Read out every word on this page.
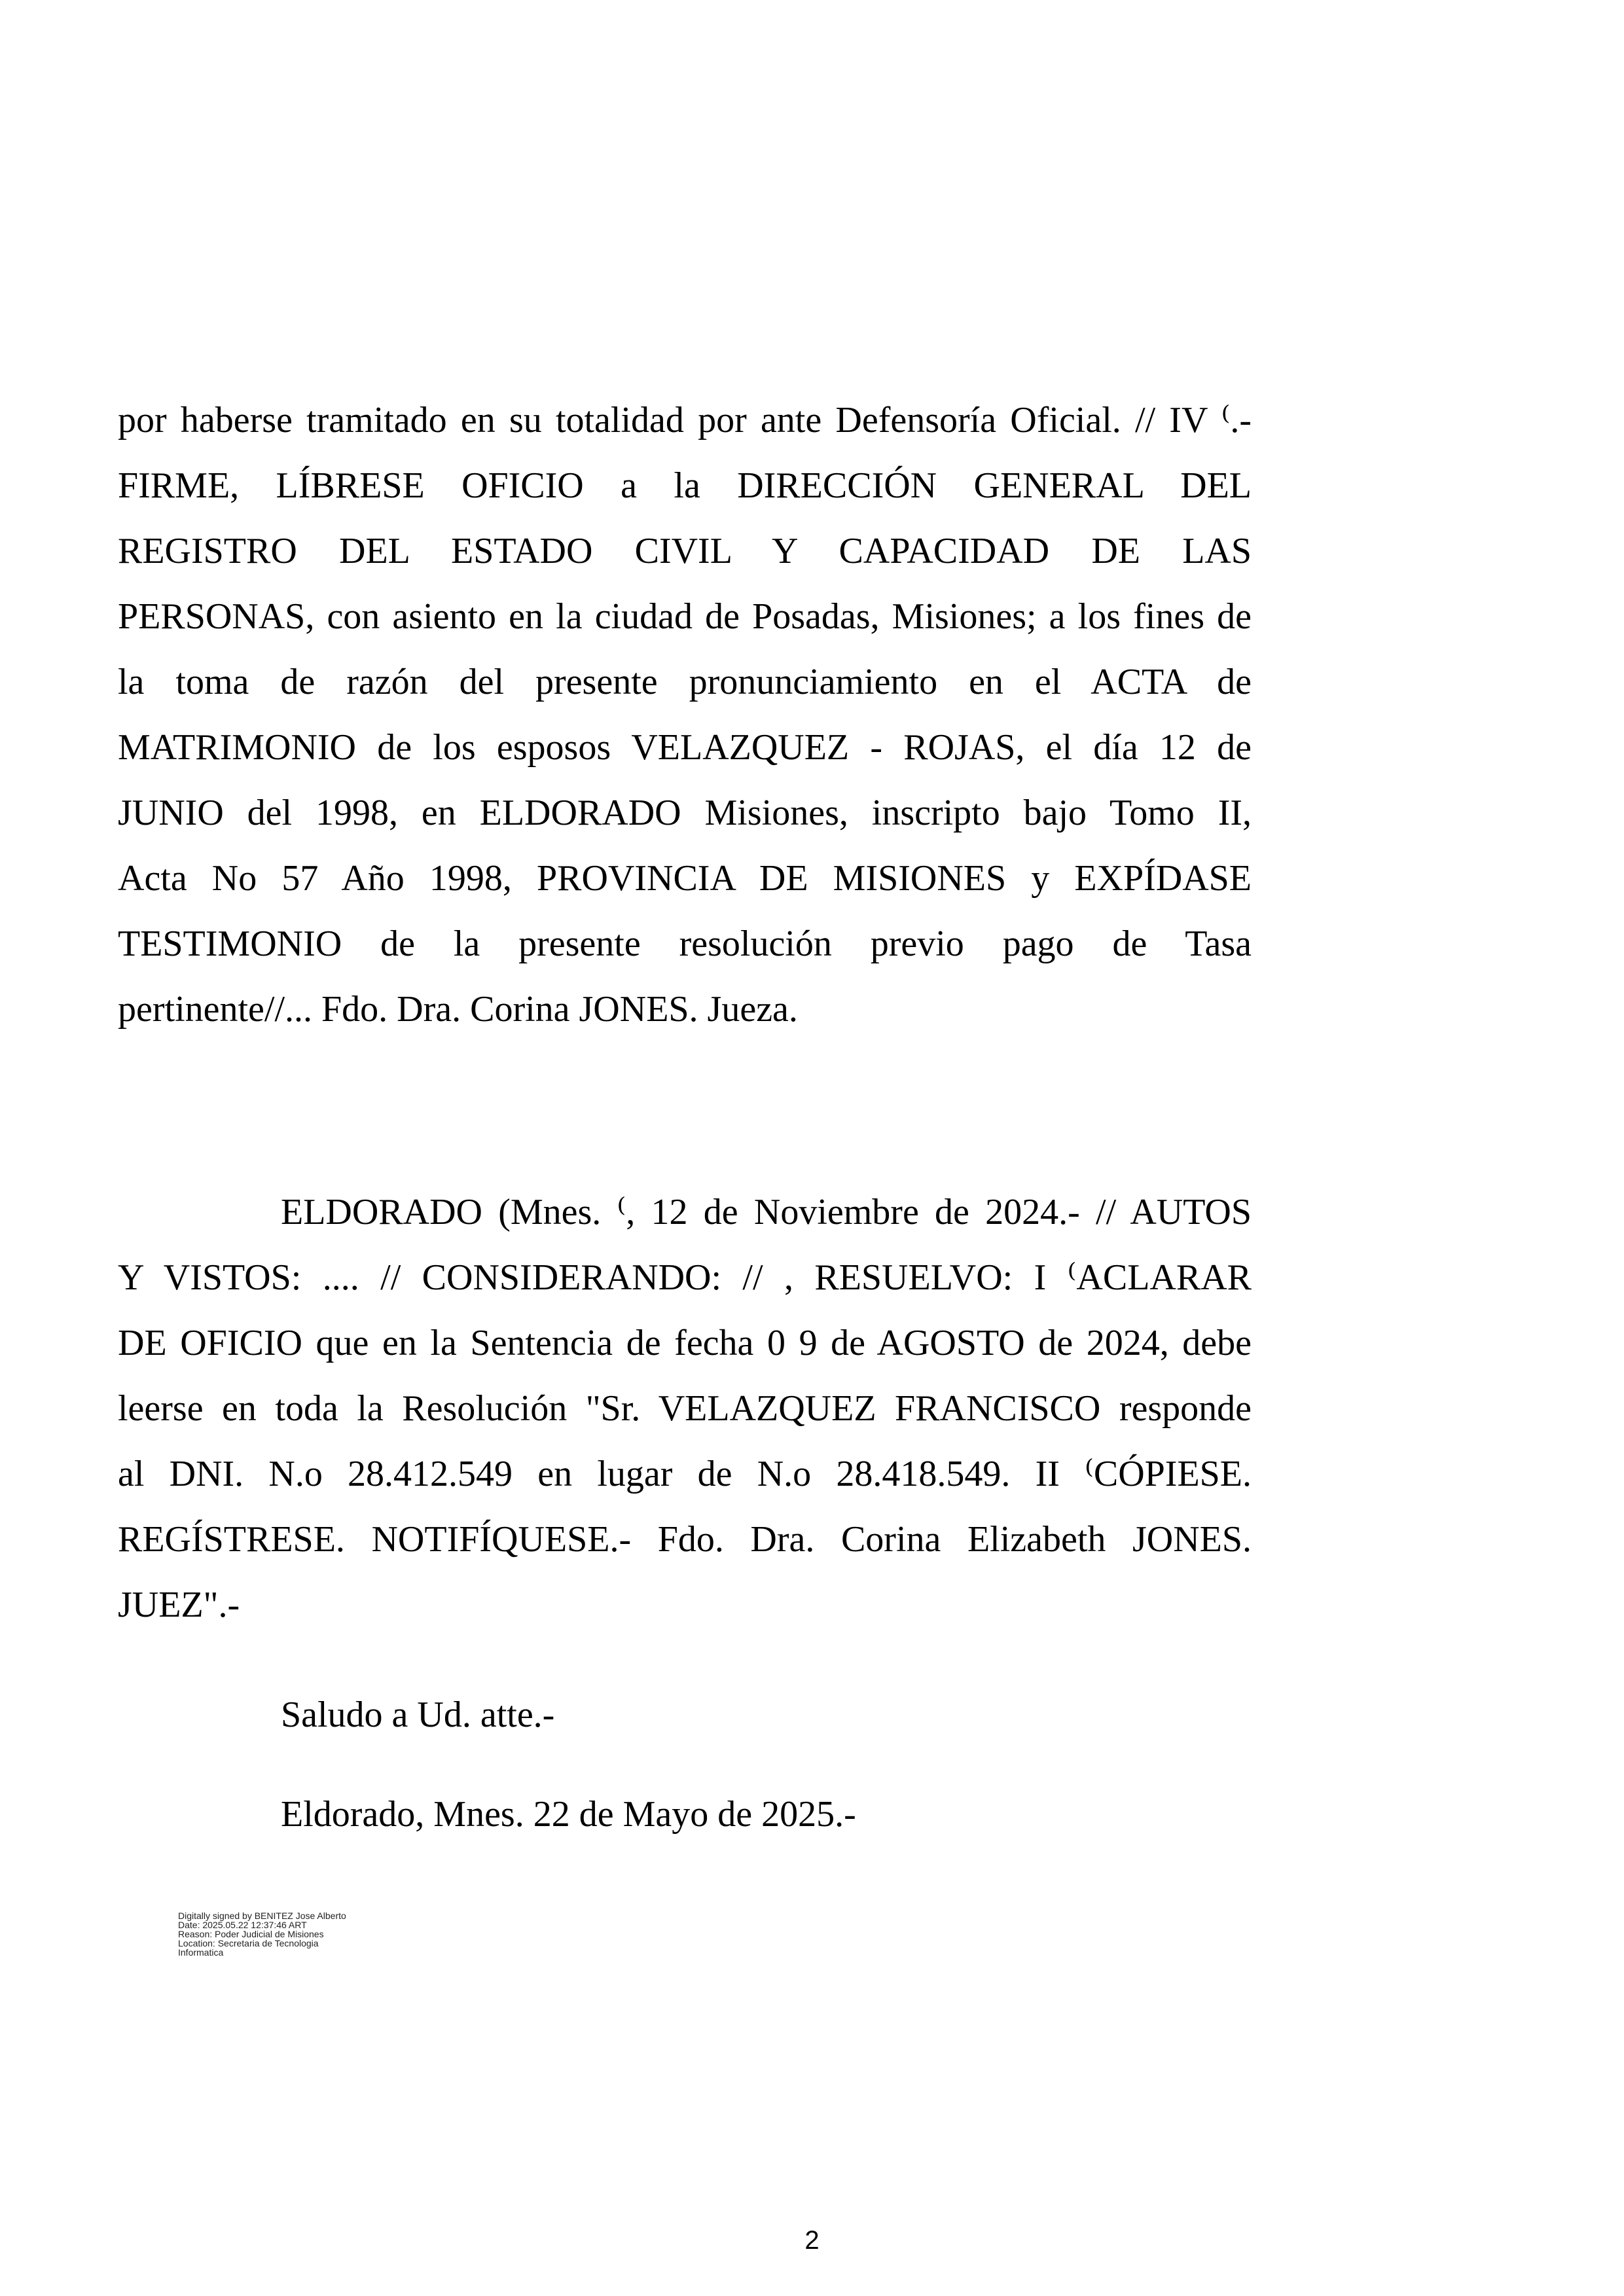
por haberse tramitado en su totalidad por ante Defensoría Oficial. // IV ⁽.-
FIRME, LÍBRESE OFICIO a la DIRECCIÓN GENERAL DEL
REGISTRO DEL ESTADO CIVIL Y CAPACIDAD DE LAS
PERSONAS, con asiento en la ciudad de Posadas, Misiones; a los fines de
la toma de razón del presente pronunciamiento en el ACTA de
MATRIMONIO de los esposos VELAZQUEZ - ROJAS, el día 12 de
JUNIO del 1998, en ELDORADO Misiones, inscripto bajo Tomo II,
Acta No 57 Año 1998, PROVINCIA DE MISIONES y EXPÍDASE
TESTIMONIO de la presente resolución previo pago de Tasa
pertinente//... Fdo. Dra. Corina JONES. Jueza.
ELDORADO (Mnes. ⁽, 12 de Noviembre de 2024.- // AUTOS
Y VISTOS: .... // CONSIDERANDO: // , RESUELVO: I ⁽ACLARAR
DE OFICIO que en la Sentencia de fecha 0 9 de AGOSTO de 2024, debe
leerse en toda la Resolución "Sr. VELAZQUEZ FRANCISCO responde
al DNI. N.o 28.412.549 en lugar de N.o 28.418.549. II ⁽CÓPIESE.
REGÍSTRESE. NOTIFÍQUESE.- Fdo. Dra. Corina Elizabeth JONES.
JUEZ".-
Saludo a Ud. atte.-
Eldorado, Mnes. 22 de Mayo de 2025.-
Digitally signed by BENITEZ Jose Alberto
Date: 2025.05.22 12:37:46 ART
Reason: Poder Judicial de Misiones
Location: Secretaria de Tecnologia
Informatica
2
